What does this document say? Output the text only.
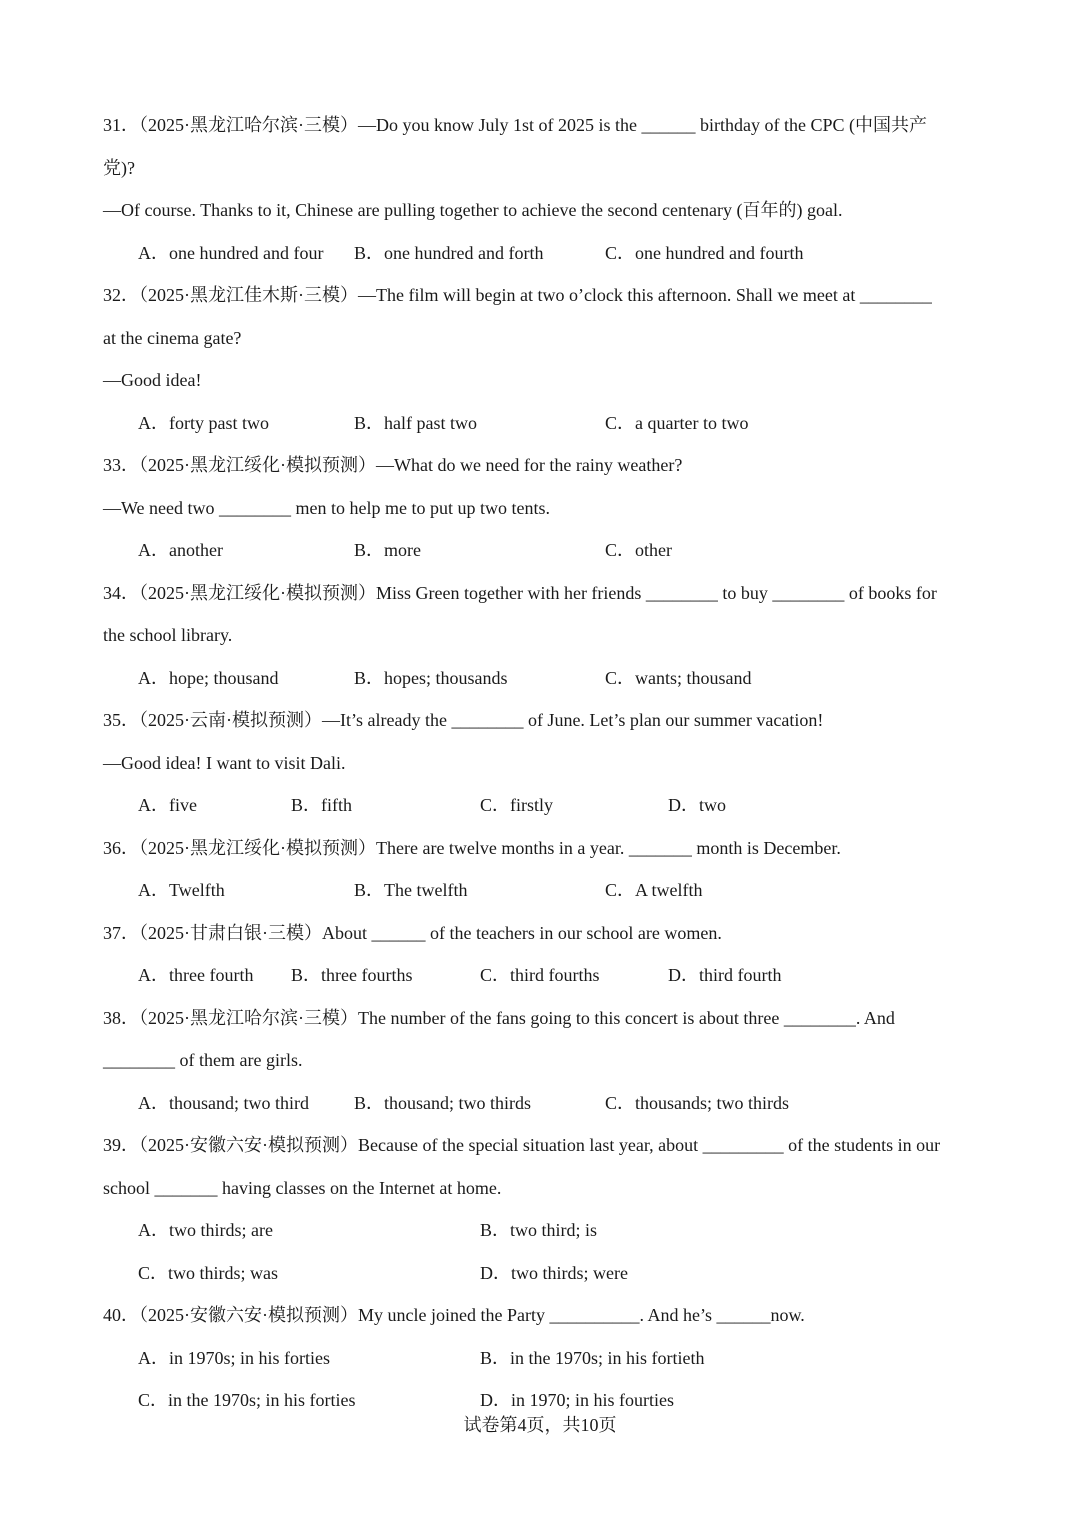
31．（2025·黑龙江哈尔滨·三模）—Do you know July 1st of 2025 is the ______ birthday of the CPC (中国共产
党)?
—Of course. Thanks to it, Chinese are pulling together to achieve the second centenary (百年的) goal.
A．one hundred and four B．one hundred and forth	C．one hundred and fourth
32．（2025·黑龙江佳木斯·三模）—The film will begin at two o’clock this afternoon. Shall we meet at ________
at the cinema gate?
—Good idea!
A．forty past two	B．half past two	C．a quarter to two
33．（2025·黑龙江绥化·模拟预测）—What do we need for the rainy weather?
—We need two ________ men to help me to put up two tents.
A．another	B．more	C．other
34．（2025·黑龙江绥化·模拟预测）Miss Green together with her friends ________ to buy ________ of books for
the school library.
A．hope; thousand	B．hopes; thousands	C．wants; thousand
35．（2025·云南·模拟预测）—It’s already the ________ of June. Let’s plan our summer vacation!
—Good idea! I want to visit Dali.
A．five	B．fifth	C．firstly	D．two
36．（2025·黑龙江绥化·模拟预测）There are twelve months in a year. _______ month is December.
A．Twelfth	B．The twelfth	C．A twelfth
37．（2025·甘肃白银·三模）About ______ of the teachers in our school are women.
A．three fourth B．three fourths	C．third fourths	D．third fourth
38．（2025·黑龙江哈尔滨·三模）The number of the fans going to this concert is about three ________. And
________ of them are girls.
A．thousand; two third	B．thousand; two thirds	C．thousands; two thirds
39．（2025·安徽六安·模拟预测）Because of the special situation last year, about _________ of the students in our
school _______ having classes on the Internet at home.
A．two thirds; are	B．two third; is
C．two thirds; was	D．two thirds; were
40．（2025·安徽六安·模拟预测）My uncle joined the Party __________. And he’s ______now.
A．in 1970s; in his forties	B．in the 1970s; in his fortieth
C．in the 1970s; in his forties	D．in 1970; in his fourties
试卷第4页，共10页
